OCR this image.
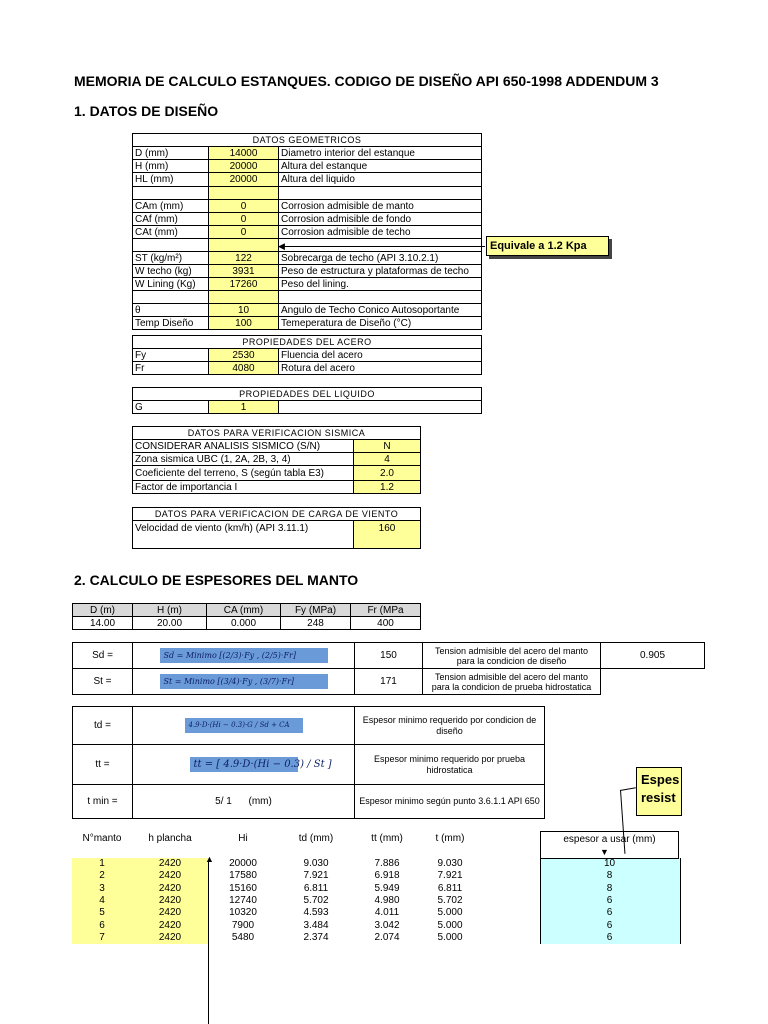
MEMORIA DE CALCULO ESTANQUES. CODIGO DE DISEÑO API 650-1998 ADDENDUM 3
1. DATOS DE DISEÑO
DATOS GEOMETRICOS		
D (mm)	14000	Diametro interior del estanque
H (mm)	20000	Altura del estanque
HL (mm)	20000	Altura del liquido

CAm (mm)	0	Corrosion admisible de manto
CAf (mm)	0	Corrosion admisible de fondo
CAt (mm)	0	Corrosion admisible de techo

ST (kg/m²)	122	Sobrecarga de techo (API 3.10.2.1)
W techo (kg)	3931	Peso de estructura y plataformas de techo
W Lining (Kg)	17260	Peso del lining.

θ	10	Angulo de Techo Conico Autosoportante
Temp Diseño	100	Temeperatura de Diseño (°C)
◀	Equivale a 1.2 Kpa
PROPIEDADES DEL ACERO		
Fy	2530	Fluencia del acero
Fr	4080	Rotura del acero
PROPIEDADES DEL LIQUIDO
G	1	
DATOS PARA VERIFICACION SISMICA	
CONSIDERAR ANALISIS SISMICO (S/N)	N
Zona sismica UBC (1, 2A, 2B, 3, 4)	4
Coeficiente del terreno, S (según tabla E3)	2.0
Factor de importancia I	1.2
DATOS PARA VERIFICACION DE CARGA DE VIENTO
Velocidad de viento (km/h) (API 3.11.1)	160
2. CALCULO DE ESPESORES DEL MANTO
D (m)	H (m)	CA (mm)	Fy (MPa)	Fr (MPa
14.00	20.00	0.000	248	400
Sd =	Sd = Minimo [(2/3)·Fy , (2/5)·Fr]	150	Tension admisible del acero del manto para la condicion de diseño	0.905
St =	St = Minimo [(3/4)·Fy , (3/7)·Fr]	171	Tension admisible del acero del manto para la condicion de prueba hidrostatica	
td =	4.9·D·(Hi − 0.3)·G / Sd + CA	Espesor minimo requerido por condicion de diseño
tt =	tt = [ 4.9·D·(Hi − 0.3) / St ]	Espesor minimo requerido por prueba hidrostatica
t min =	5/ 1 (mm)	Espesor minimo según punto 3.6.1.1 API 650
Espes resist
N°manto	h plancha	Hi	td (mm)	tt (mm)	t (mm)	espesor a usar (mm)
▼
1	2420	20000	9.030	7.886	9.030	10
2	2420	17580	7.921	6.918	7.921	8
3	2420	15160	6.811	5.949	6.811	8
4	2420	12740	5.702	4.980	5.702	6
5	2420	10320	4.593	4.011	5.000	6
6	2420	7900	3.484	3.042	5.000	6
7	2420	5480	2.374	2.074	5.000	6
▲
